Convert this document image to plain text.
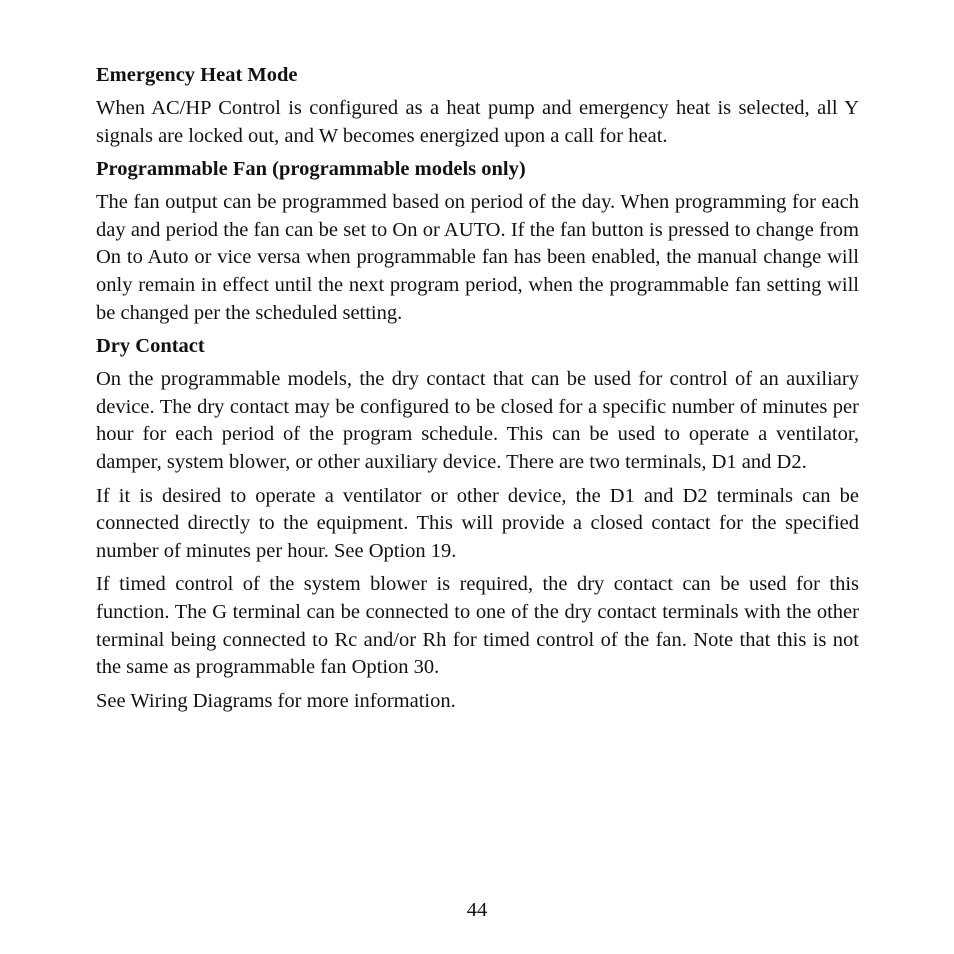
Emergency Heat Mode

When AC/HP Control is configured as a heat pump and emergency heat is selected, all Y signals are locked out, and W becomes energized upon a call for heat.

Programmable Fan (programmable models only)

The fan output can be programmed based on period of the day. When programming for each day and period the fan can be set to On or AUTO. If the fan button is pressed to change from On to Auto or vice versa when programmable fan has been enabled, the manual change will only remain in effect until the next program period, when the programmable fan setting will be changed per the scheduled setting.

Dry Contact

On the programmable models, the dry contact that can be used for control of an auxiliary device. The dry contact may be configured to be closed for a specific number of minutes per hour for each period of the program schedule. This can be used to operate a ventilator, damper, system blower, or other auxiliary device. There are two terminals, D1 and D2.

If it is desired to operate a ventilator or other device, the D1 and D2 terminals can be connected directly to the equipment. This will provide a closed contact for the specified number of minutes per hour. See Option 19.

If timed control of the system blower is required, the dry contact can be used for this function. The G terminal can be connected to one of the dry contact terminals with the other terminal being connected to Rc and/or Rh for timed control of the fan. Note that this is not the same as programmable fan Option 30.

See Wiring Diagrams for more information.

44
